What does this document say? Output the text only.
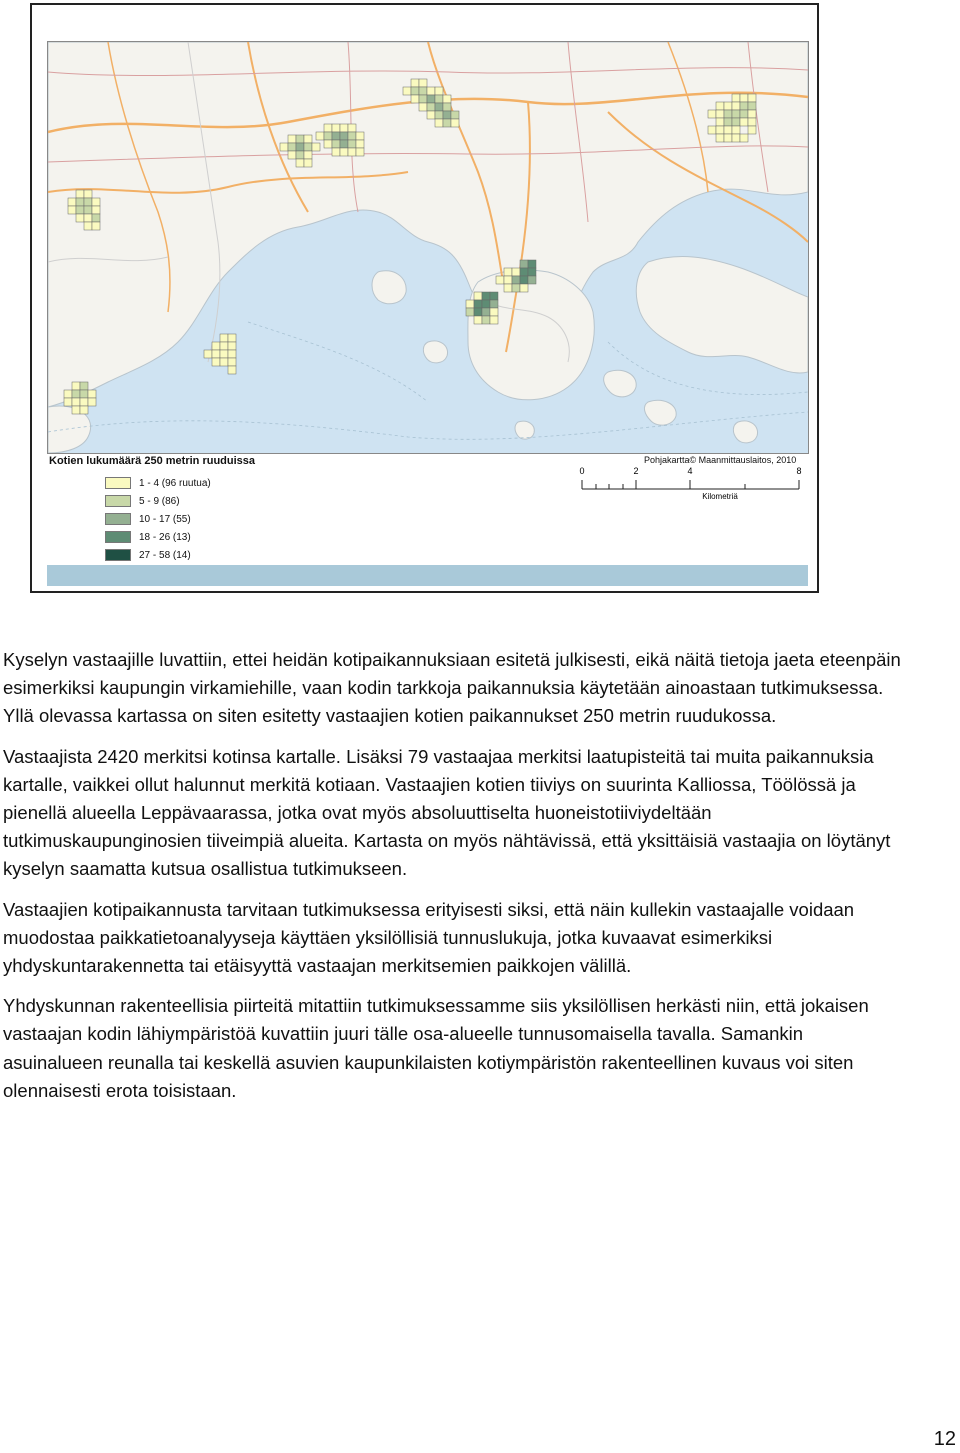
Kotien lukumäärä 250 metrin ruuduissa
1 - 4 (96 ruutua)
5 - 9 (86)
10 - 17 (55)
18 - 26 (13)
27 - 58 (14)
Pohjakartta© Maanmittauslaitos, 2010
0	2	4	8
Kilometriä

Kyselyn vastaajille luvattiin, ettei heidän kotipaikannuksiaan esitetä julkisesti, eikä näitä tietoja jaeta eteenpäin esimerkiksi kaupungin virkamiehille, vaan kodin tarkkoja paikannuksia käytetään ainoastaan tutkimuksessa. Yllä olevassa kartassa on siten esitetty vastaajien kotien paikannukset 250 metrin ruudukossa.

Vastaajista 2420 merkitsi kotinsa kartalle. Lisäksi 79 vastaajaa merkitsi laatupisteitä tai muita paikannuksia kartalle, vaikkei ollut halunnut merkitä kotiaan. Vastaajien kotien tiiviys on suurinta Kalliossa, Töölössä ja pienellä alueella Leppävaarassa, jotka ovat myös absoluuttiselta huoneistotiiviydeltään tutkimuskaupunginosien tiiveimpiä alueita. Kartasta on myös nähtävissä, että yksittäisiä vastaajia on löytänyt kyselyn saamatta kutsua osallistua tutkimukseen.

Vastaajien kotipaikannusta tarvitaan tutkimuksessa erityisesti siksi, että näin kullekin vastaajalle voidaan muodostaa paikkatietoanalyyseja käyttäen yksilöllisiä tunnuslukuja, jotka kuvaavat esimerkiksi yhdyskuntarakennetta tai etäisyyttä vastaajan merkitsemien paikkojen välillä.

Yhdyskunnan rakenteellisia piirteitä mitattiin tutkimuksessamme siis yksilöllisen herkästi niin, että jokaisen vastaajan kodin lähiympäristöä kuvattiin juuri tälle osa-alueelle tunnusomaisella tavalla. Samankin asuinalueen reunalla tai keskellä asuvien kaupunkilaisten kotiympäristön rakenteellinen kuvaus voi siten olennaisesti erota toisistaan.

12
